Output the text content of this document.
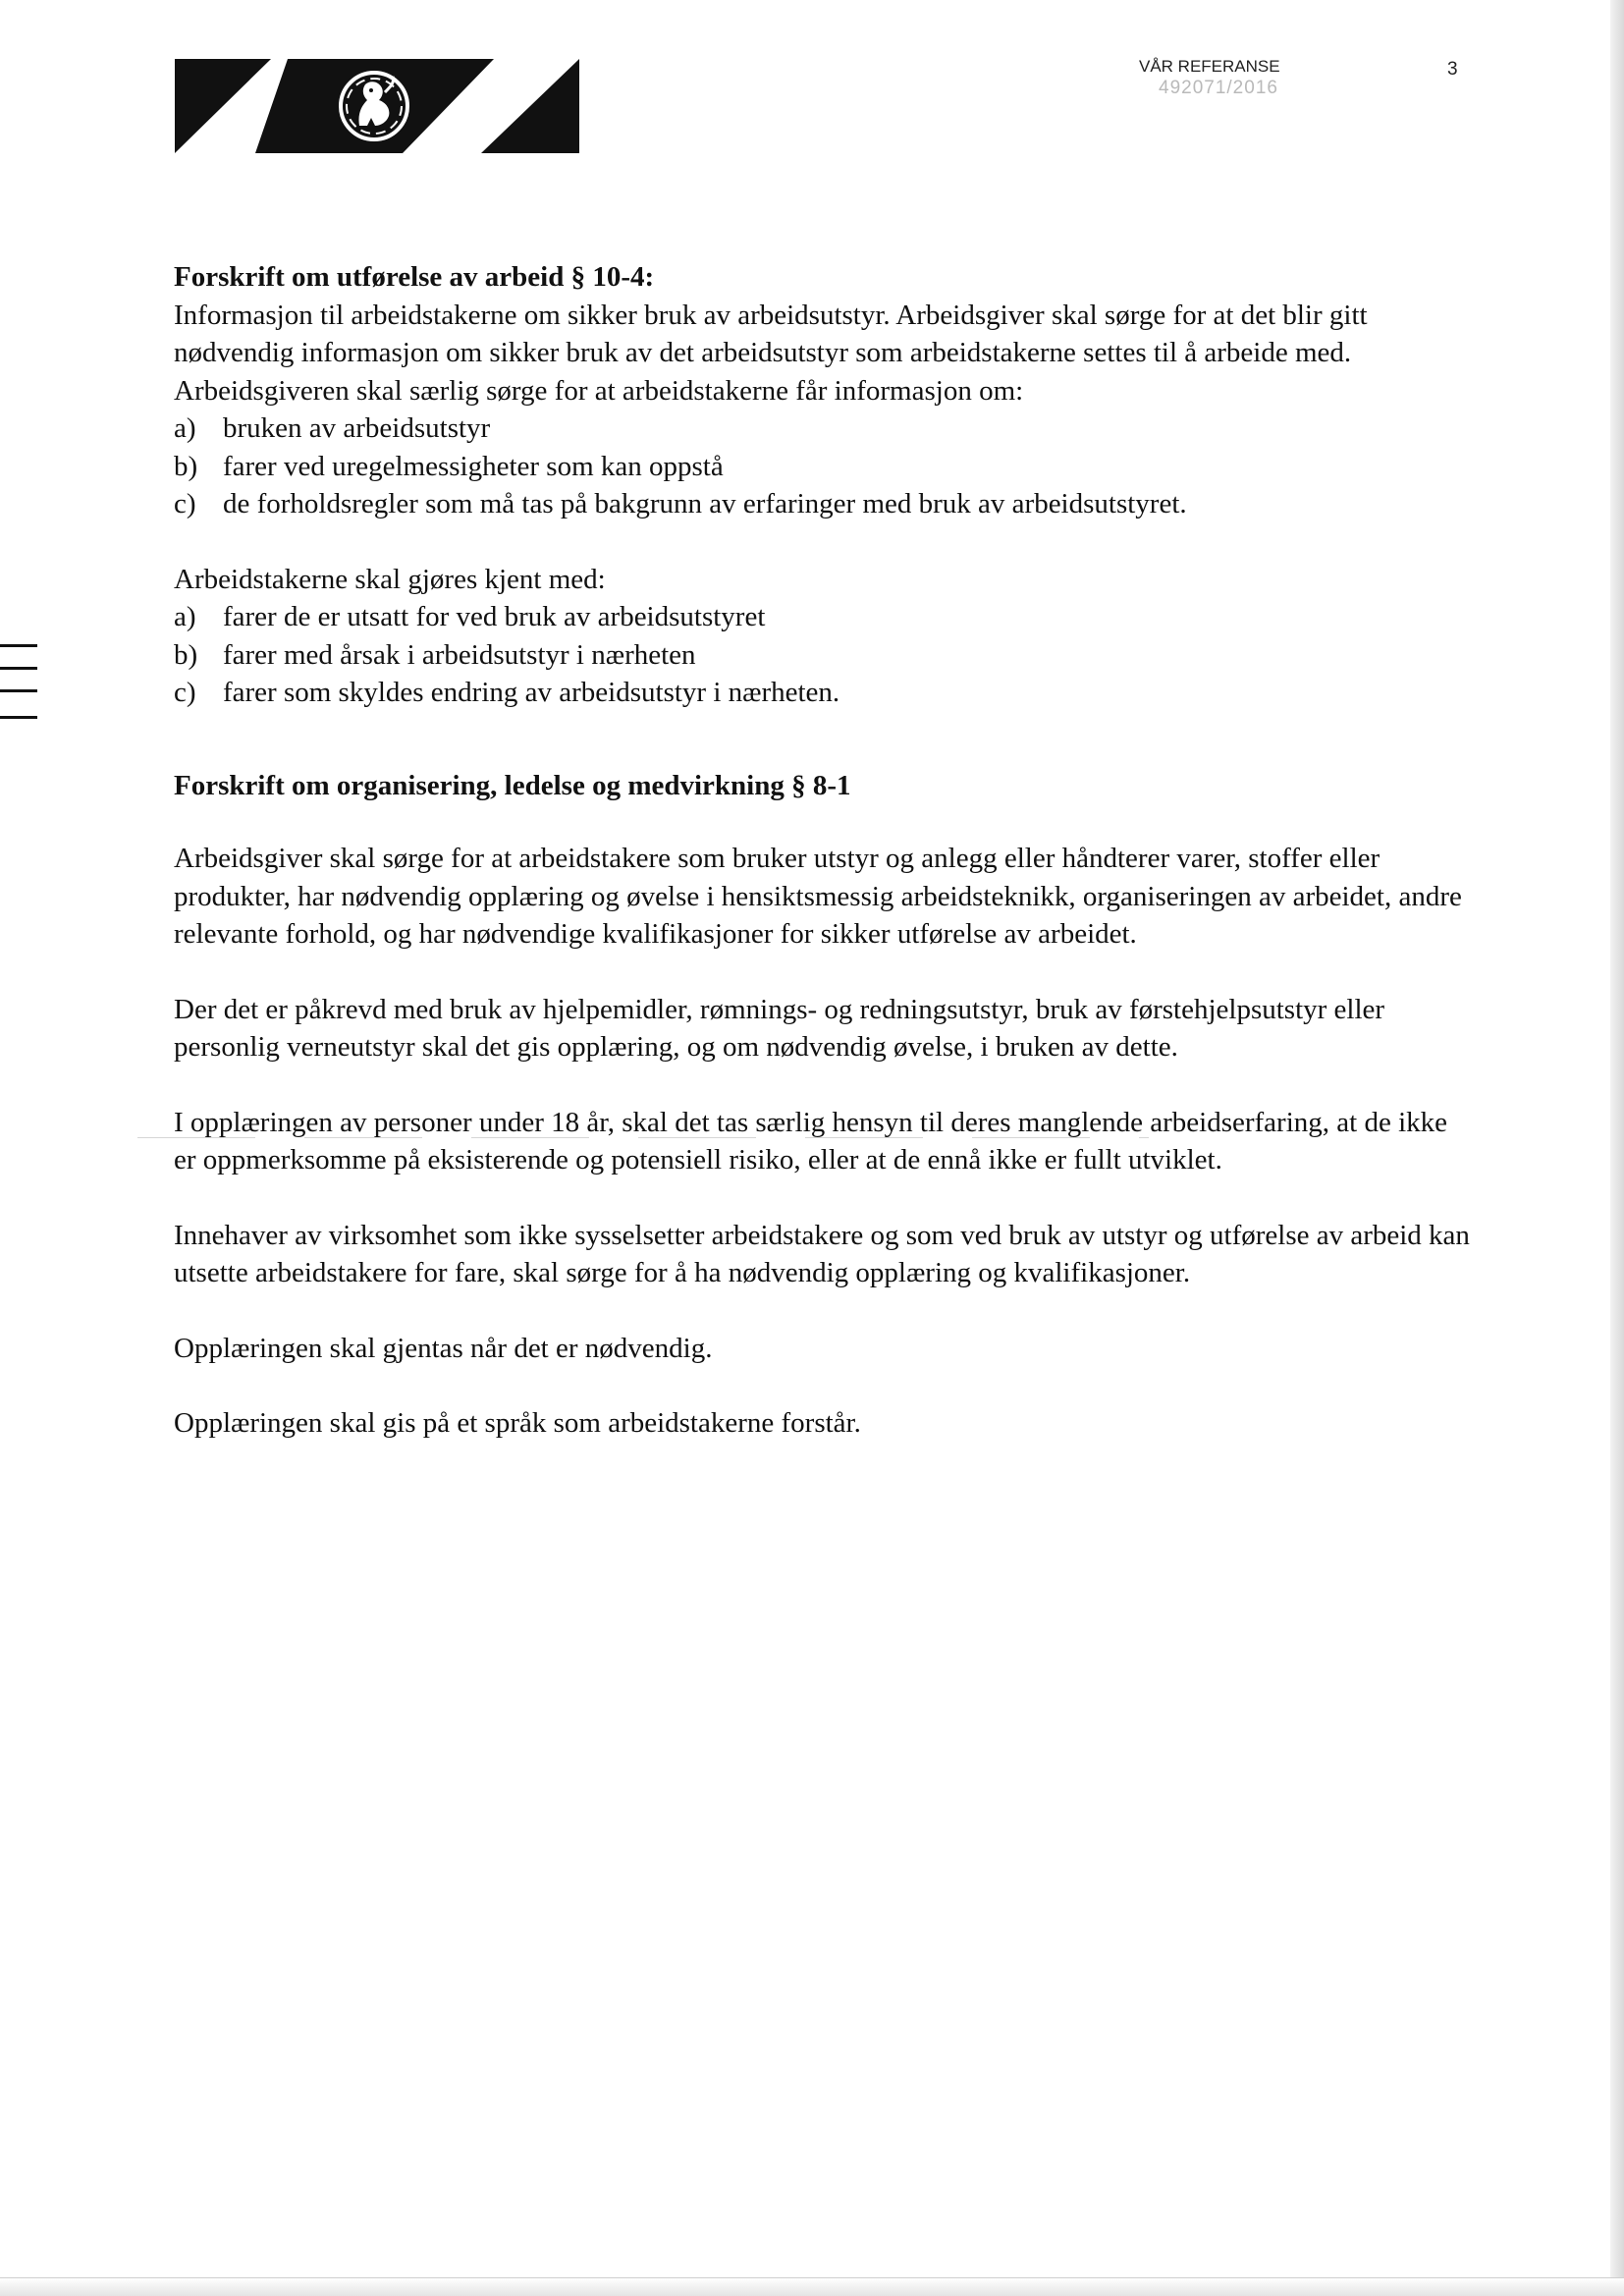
VÅR REFERANSE
492071/2016
3

Forskrift om utførelse av arbeid § 10-4:

Informasjon til arbeidstakerne om sikker bruk av arbeidsutstyr. Arbeidsgiver skal sørge for at det blir gitt nødvendig informasjon om sikker bruk av det arbeidsutstyr som arbeidstakerne settes til å arbeide med. Arbeidsgiveren skal særlig sørge for at arbeidstakerne får informasjon om:

a) bruken av arbeidsutstyr
b) farer ved uregelmessigheter som kan oppstå
c) de forholdsregler som må tas på bakgrunn av erfaringer med bruk av arbeidsutstyret.

Arbeidstakerne skal gjøres kjent med:

a) farer de er utsatt for ved bruk av arbeidsutstyret
b) farer med årsak i arbeidsutstyr i nærheten
c) farer som skyldes endring av arbeidsutstyr i nærheten.

Forskrift om organisering, ledelse og medvirkning § 8-1

Arbeidsgiver skal sørge for at arbeidstakere som bruker utstyr og anlegg eller håndterer varer, stoffer eller produkter, har nødvendig opplæring og øvelse i hensiktsmessig arbeidsteknikk, organiseringen av arbeidet, andre relevante forhold, og har nødvendige kvalifikasjoner for sikker utførelse av arbeidet.

Der det er påkrevd med bruk av hjelpemidler, rømnings- og redningsutstyr, bruk av førstehjelpsutstyr eller personlig verneutstyr skal det gis opplæring, og om nødvendig øvelse, i bruken av dette.

I opplæringen av personer under 18 år, skal det tas særlig hensyn til deres manglende arbeidserfaring, at de ikke er oppmerksomme på eksisterende og potensiell risiko, eller at de ennå ikke er fullt utviklet.

Innehaver av virksomhet som ikke sysselsetter arbeidstakere og som ved bruk av utstyr og utførelse av arbeid kan utsette arbeidstakere for fare, skal sørge for å ha nødvendig opplæring og kvalifikasjoner.

Opplæringen skal gjentas når det er nødvendig.

Opplæringen skal gis på et språk som arbeidstakerne forstår.
